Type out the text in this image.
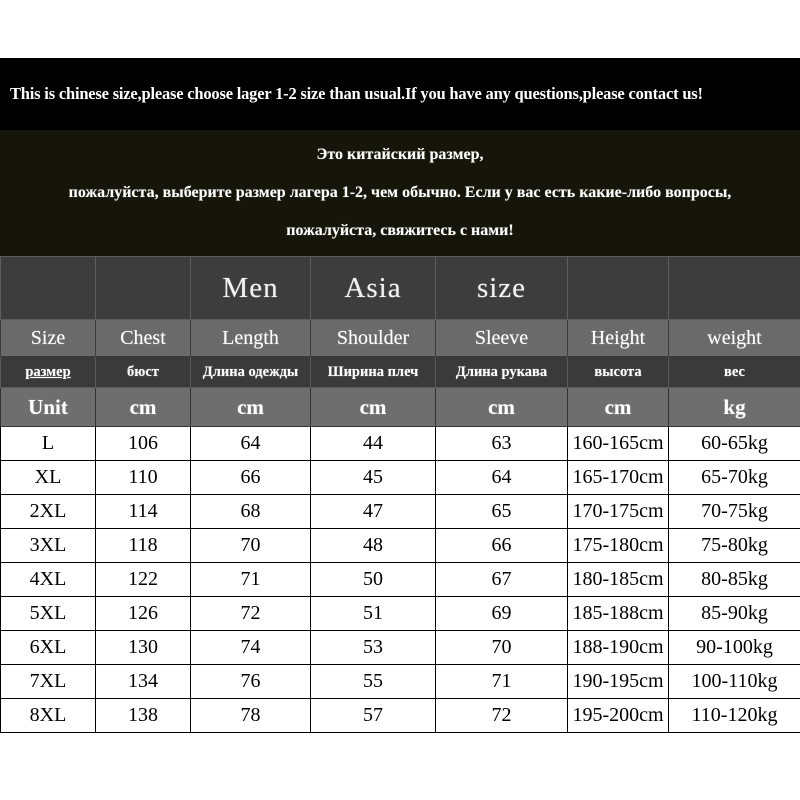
This is chinese size,please choose lager 1-2 size than usual.If you have any questions,please contact us!
Это китайский размер,
пожалуйста, выберите размер лагера 1-2, чем обычно. Если у вас есть какие-либо вопросы,
пожалуйста, свяжитесь с нами!
		Men	Asia	size		
Size	Chest	Length	Shoulder	Sleeve	Height	weight
размер	бюст	Длина одежды	Ширина плеч	Длина рукава	высота	вес
Unit	cm	cm	cm	cm	cm	kg
L	106	64	44	63	160-165cm	60-65kg
XL	110	66	45	64	165-170cm	65-70kg
2XL	114	68	47	65	170-175cm	70-75kg
3XL	118	70	48	66	175-180cm	75-80kg
4XL	122	71	50	67	180-185cm	80-85kg
5XL	126	72	51	69	185-188cm	85-90kg
6XL	130	74	53	70	188-190cm	90-100kg
7XL	134	76	55	71	190-195cm	100-110kg
8XL	138	78	57	72	195-200cm	110-120kg
